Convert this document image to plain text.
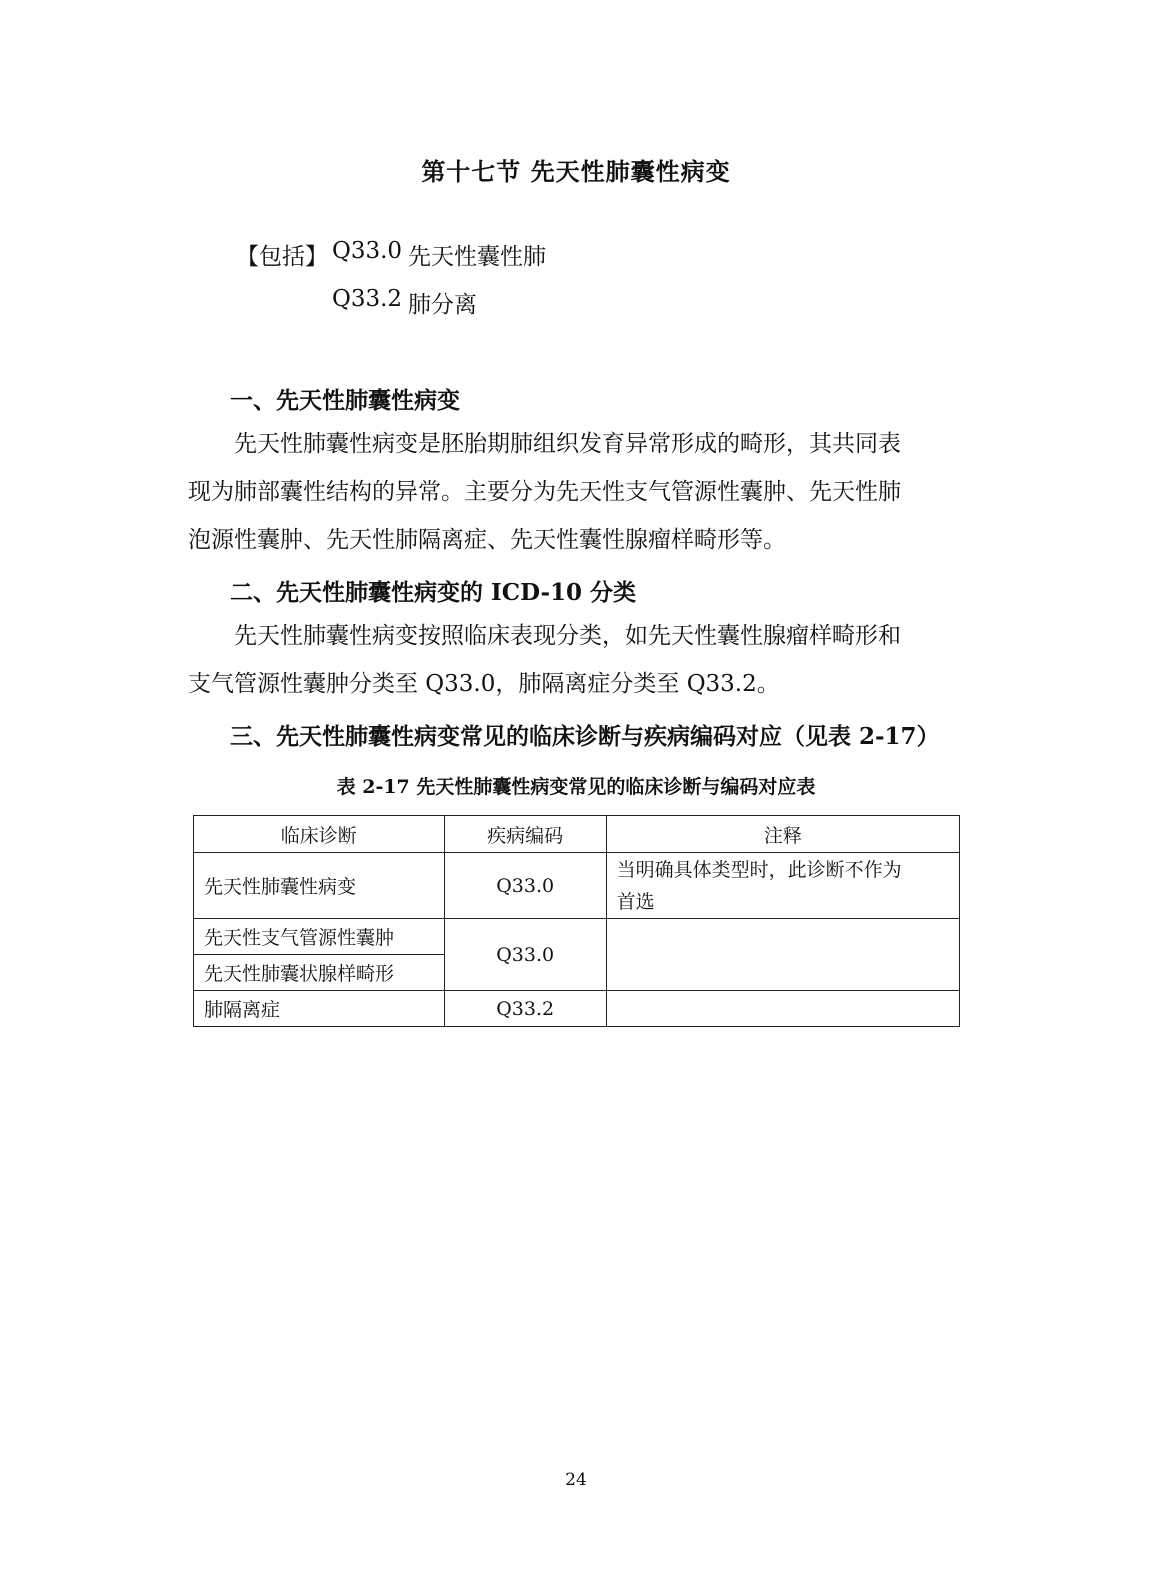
第十七节 先天性肺囊性病变
【包括】 Q33.0 先天性囊性肺
Q33.2 肺分离
一、先天性肺囊性病变
先天性肺囊性病变是胚胎期肺组织发育异常形成的畸形，其共同表
现为肺部囊性结构的异常。主要分为先天性支气管源性囊肿、先天性肺
泡源性囊肿、先天性肺隔离症、先天性囊性腺瘤样畸形等。
二、先天性肺囊性病变的 ICD-10 分类
先天性肺囊性病变按照临床表现分类，如先天性囊性腺瘤样畸形和
支气管源性囊肿分类至 Q33.0，肺隔离症分类至 Q33.2。
三、先天性肺囊性病变常见的临床诊断与疾病编码对应（见表 2-17）
表 2-17 先天性肺囊性病变常见的临床诊断与编码对应表
临床诊断	疾病编码	注释
先天性肺囊性病变	Q33.0	当明确具体类型时，此诊断不作为
首选

先天性支气管源性囊肿	Q33.0	
先天性肺囊状腺样畸形		
肺隔离症	Q33.2	
24
